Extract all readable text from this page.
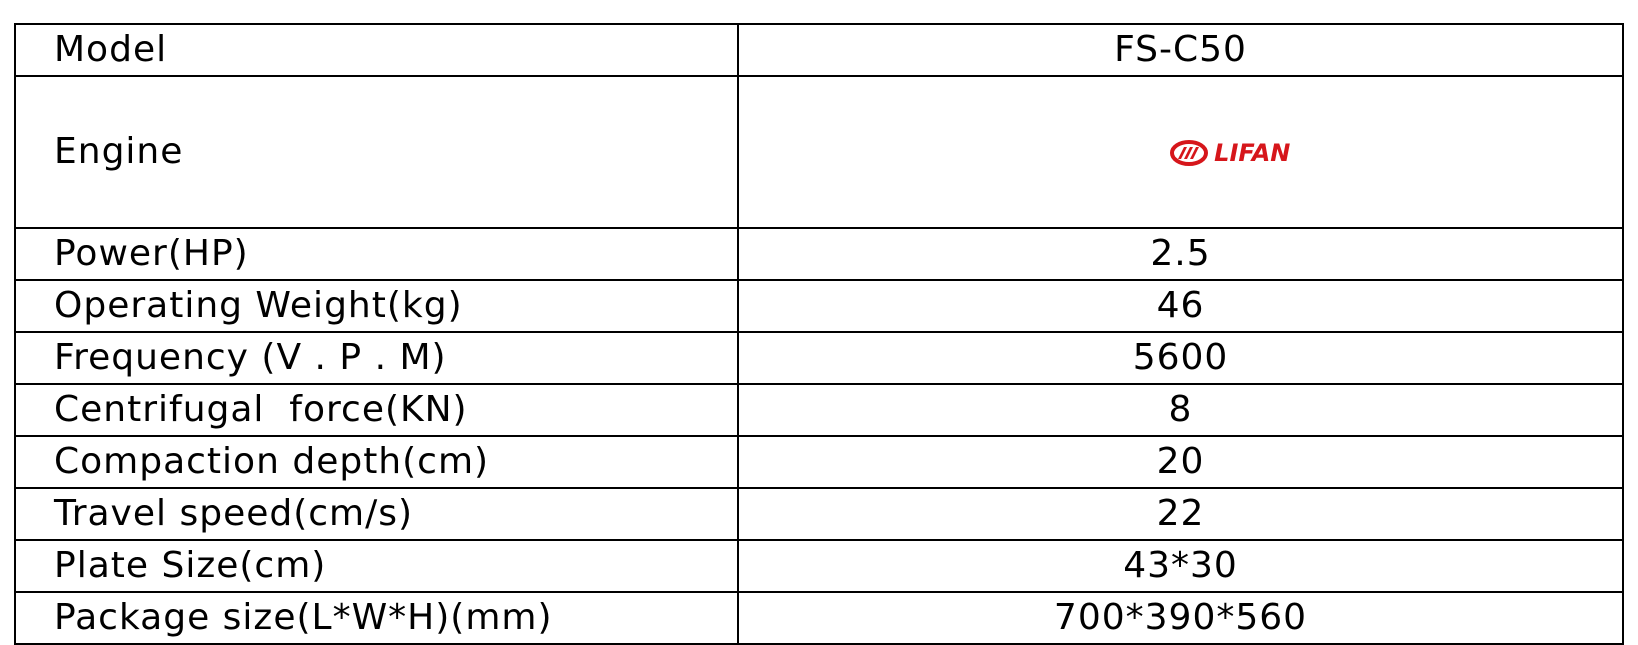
Model	FS-C50
Engine	LIFAN

Power(HP)	2.5
Operating Weight(kg)	46
Frequency (V . P . M)	5600
Centrifugal  force(KN)	8
Compaction depth(cm)	20
Travel speed(cm/s)	22
Plate Size(cm)	43*30
Package size(L*W*H)(mm)	700*390*560
